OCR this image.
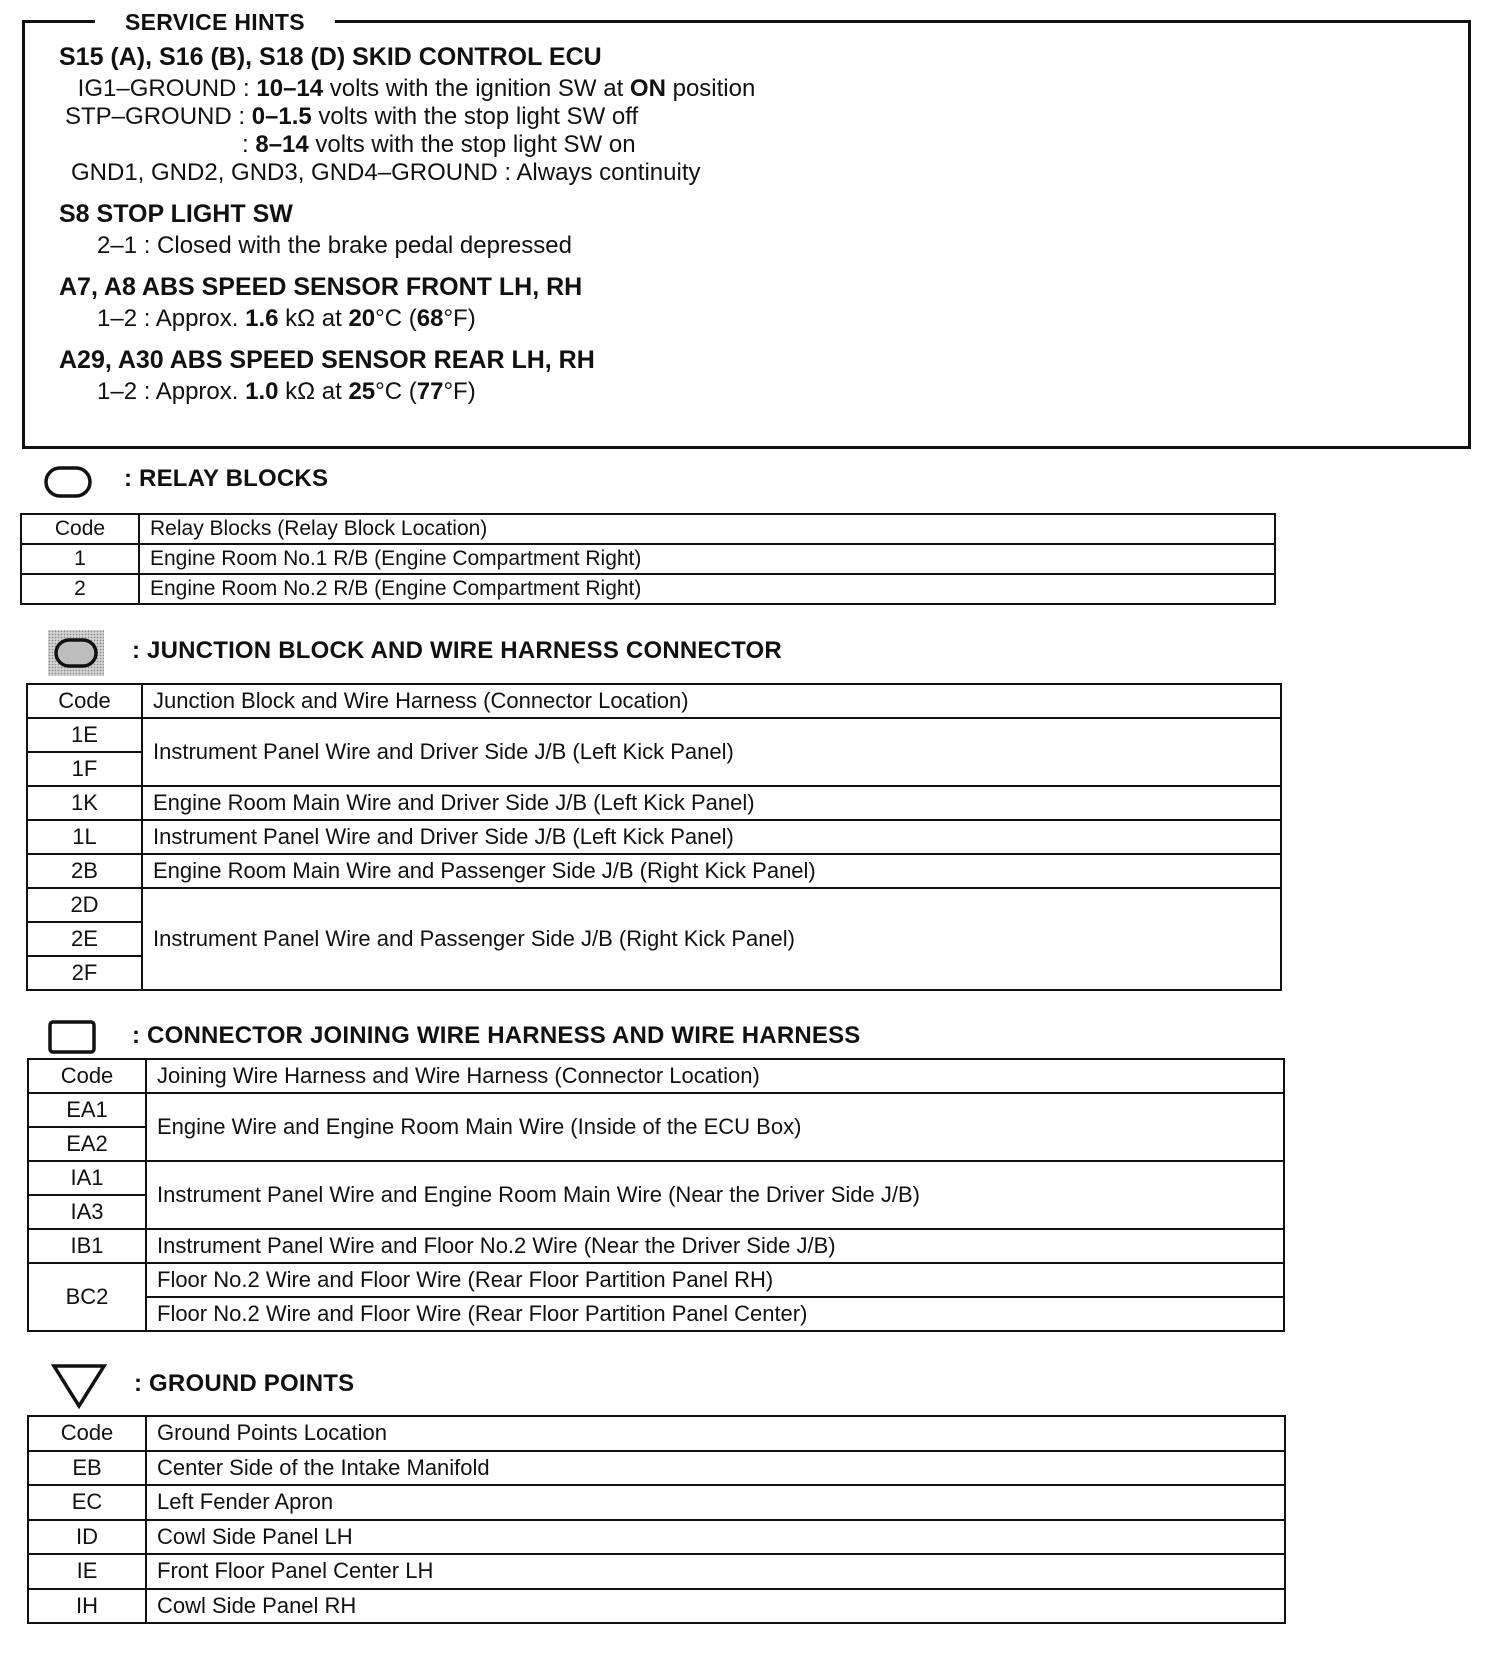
SERVICE HINTS
S15 (A), S16 (B), S18 (D) SKID CONTROL ECU
IG1–GROUND : 10–14 volts with the ignition SW at ON position
STP–GROUND : 0–1.5 volts with the stop light SW off
: 8–14 volts with the stop light SW on
GND1, GND2, GND3, GND4–GROUND : Always continuity
S8 STOP LIGHT SW
2–1 : Closed with the brake pedal depressed
A7, A8 ABS SPEED SENSOR FRONT LH, RH
1–2 : Approx. 1.6 kΩ at 20°C (68°F)
A29, A30 ABS SPEED SENSOR REAR LH, RH
1–2 : Approx. 1.0 kΩ at 25°C (77°F)
: RELAY BLOCKS
Code	Relay Blocks (Relay Block Location)
1	Engine Room No.1 R/B (Engine Compartment Right)
2	Engine Room No.2 R/B (Engine Compartment Right)
: JUNCTION BLOCK AND WIRE HARNESS CONNECTOR
Code	Junction Block and Wire Harness (Connector Location)
1E	Instrument Panel Wire and Driver Side J/B (Left Kick Panel)
1F	
1K	Engine Room Main Wire and Driver Side J/B (Left Kick Panel)
1L	Instrument Panel Wire and Driver Side J/B (Left Kick Panel)
2B	Engine Room Main Wire and Passenger Side J/B (Right Kick Panel)
2D	Instrument Panel Wire and Passenger Side J/B (Right Kick Panel)
2E	
2F	
: CONNECTOR JOINING WIRE HARNESS AND WIRE HARNESS
Code	Joining Wire Harness and Wire Harness (Connector Location)
EA1	Engine Wire and Engine Room Main Wire (Inside of the ECU Box)
EA2	
IA1	Instrument Panel Wire and Engine Room Main Wire (Near the Driver Side J/B)
IA3	
IB1	Instrument Panel Wire and Floor No.2 Wire (Near the Driver Side J/B)
BC2	Floor No.2 Wire and Floor Wire (Rear Floor Partition Panel RH)
	Floor No.2 Wire and Floor Wire (Rear Floor Partition Panel Center)
: GROUND POINTS
Code	Ground Points Location
EB	Center Side of the Intake Manifold
EC	Left Fender Apron
ID	Cowl Side Panel LH
IE	Front Floor Panel Center LH
IH	Cowl Side Panel RH
